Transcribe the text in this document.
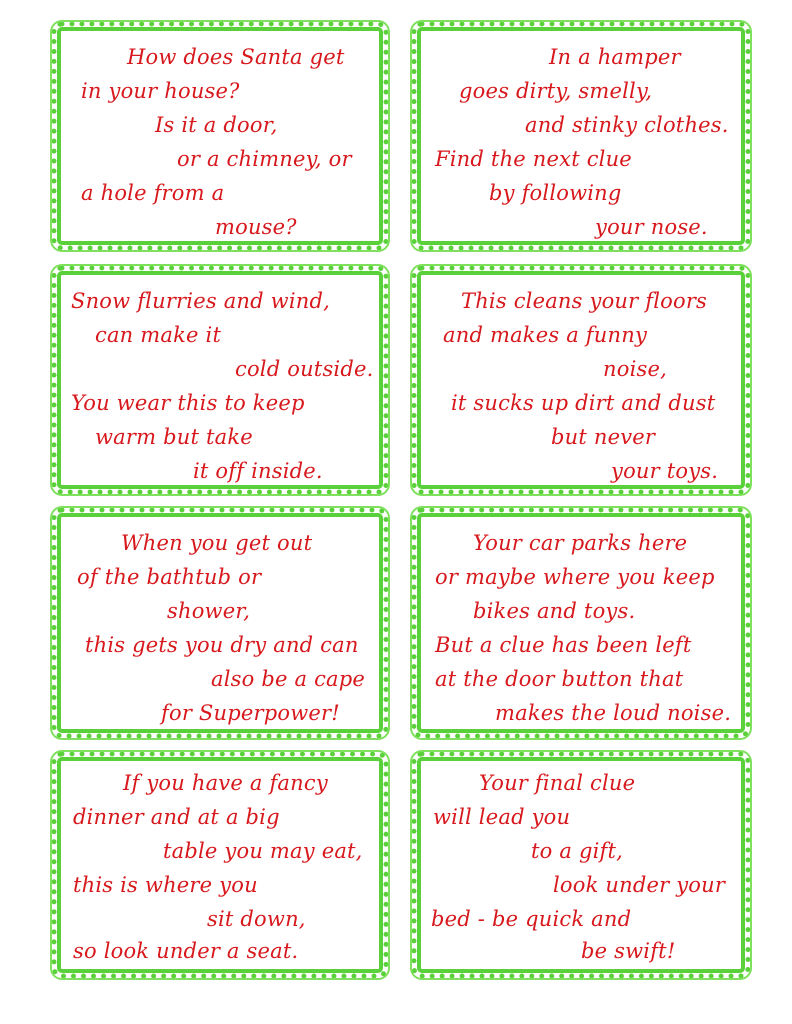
How does Santa get
in your house?
Is it a door,
or a chimney, or
a hole from a
mouse?
In a hamper
goes dirty, smelly,
and stinky clothes.
Find the next clue
by following
your nose.
Snow flurries and wind,
can make it
cold outside.
You wear this to keep
warm but take
it off inside.
This cleans your floors
and makes a funny
noise,
it sucks up dirt and dust
but never
your toys.
When you get out
of the bathtub or
shower,
this gets you dry and can
also be a cape
for Superpower!
Your car parks here
or maybe where you keep
bikes and toys.
But a clue has been left
at the door button that
makes the loud noise.
If you have a fancy
dinner and at a big
table you may eat,
this is where you
sit down,
so look under a seat.
Your final clue
will lead you
to a gift,
look under your
bed - be quick and
be swift!
